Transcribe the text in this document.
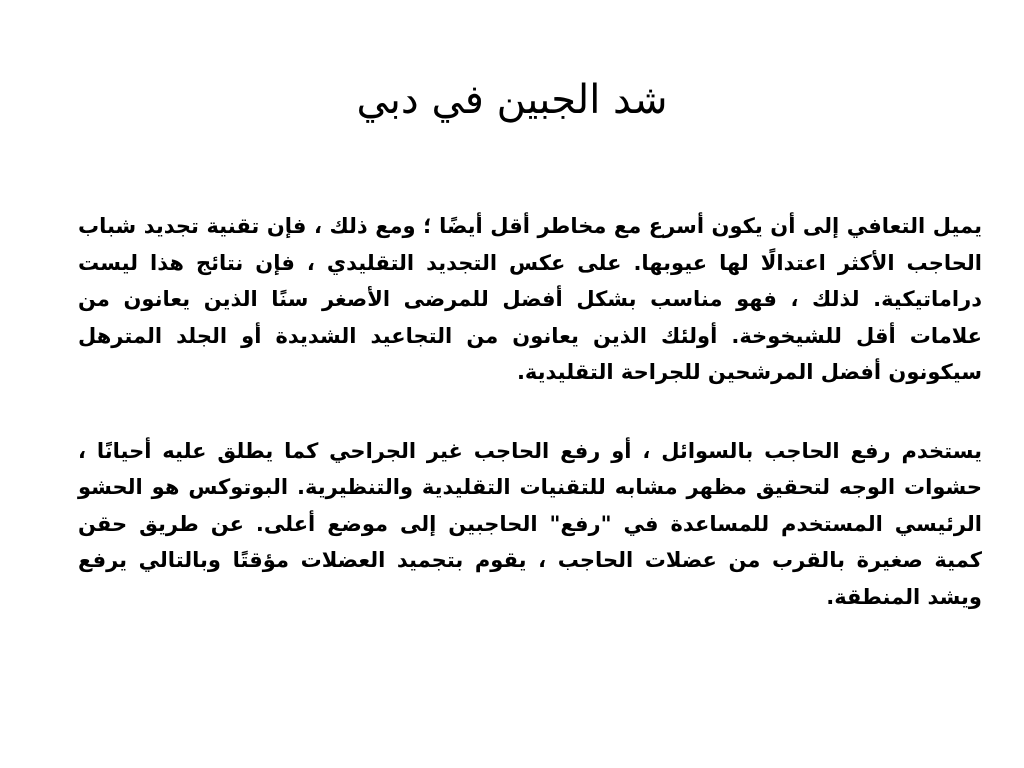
شد الجبين في دبي

يميل التعافي إلى أن يكون أسرع مع مخاطر أقل أيضًا ؛ ومع ذلك ، فإن تقنية تجديد شباب الحاجب الأكثر اعتدالًا لها عيوبها. على عكس التجديد التقليدي ، فإن نتائج هذا ليست دراماتيكية. لذلك ، فهو مناسب بشكل أفضل للمرضى الأصغر سنًا الذين يعانون من علامات أقل للشيخوخة. أولئك الذين يعانون من التجاعيد الشديدة أو الجلد المترهل سيكونون أفضل المرشحين للجراحة التقليدية.

يستخدم رفع الحاجب بالسوائل ، أو رفع الحاجب غير الجراحي كما يطلق عليه أحيانًا ، حشوات الوجه لتحقيق مظهر مشابه للتقنيات التقليدية والتنظيرية. البوتوكس هو الحشو الرئيسي المستخدم للمساعدة في "رفع" الحاجبين إلى موضع أعلى. عن طريق حقن كمية صغيرة بالقرب من عضلات الحاجب ، يقوم بتجميد العضلات مؤقتًا وبالتالي يرفع ويشد المنطقة.
